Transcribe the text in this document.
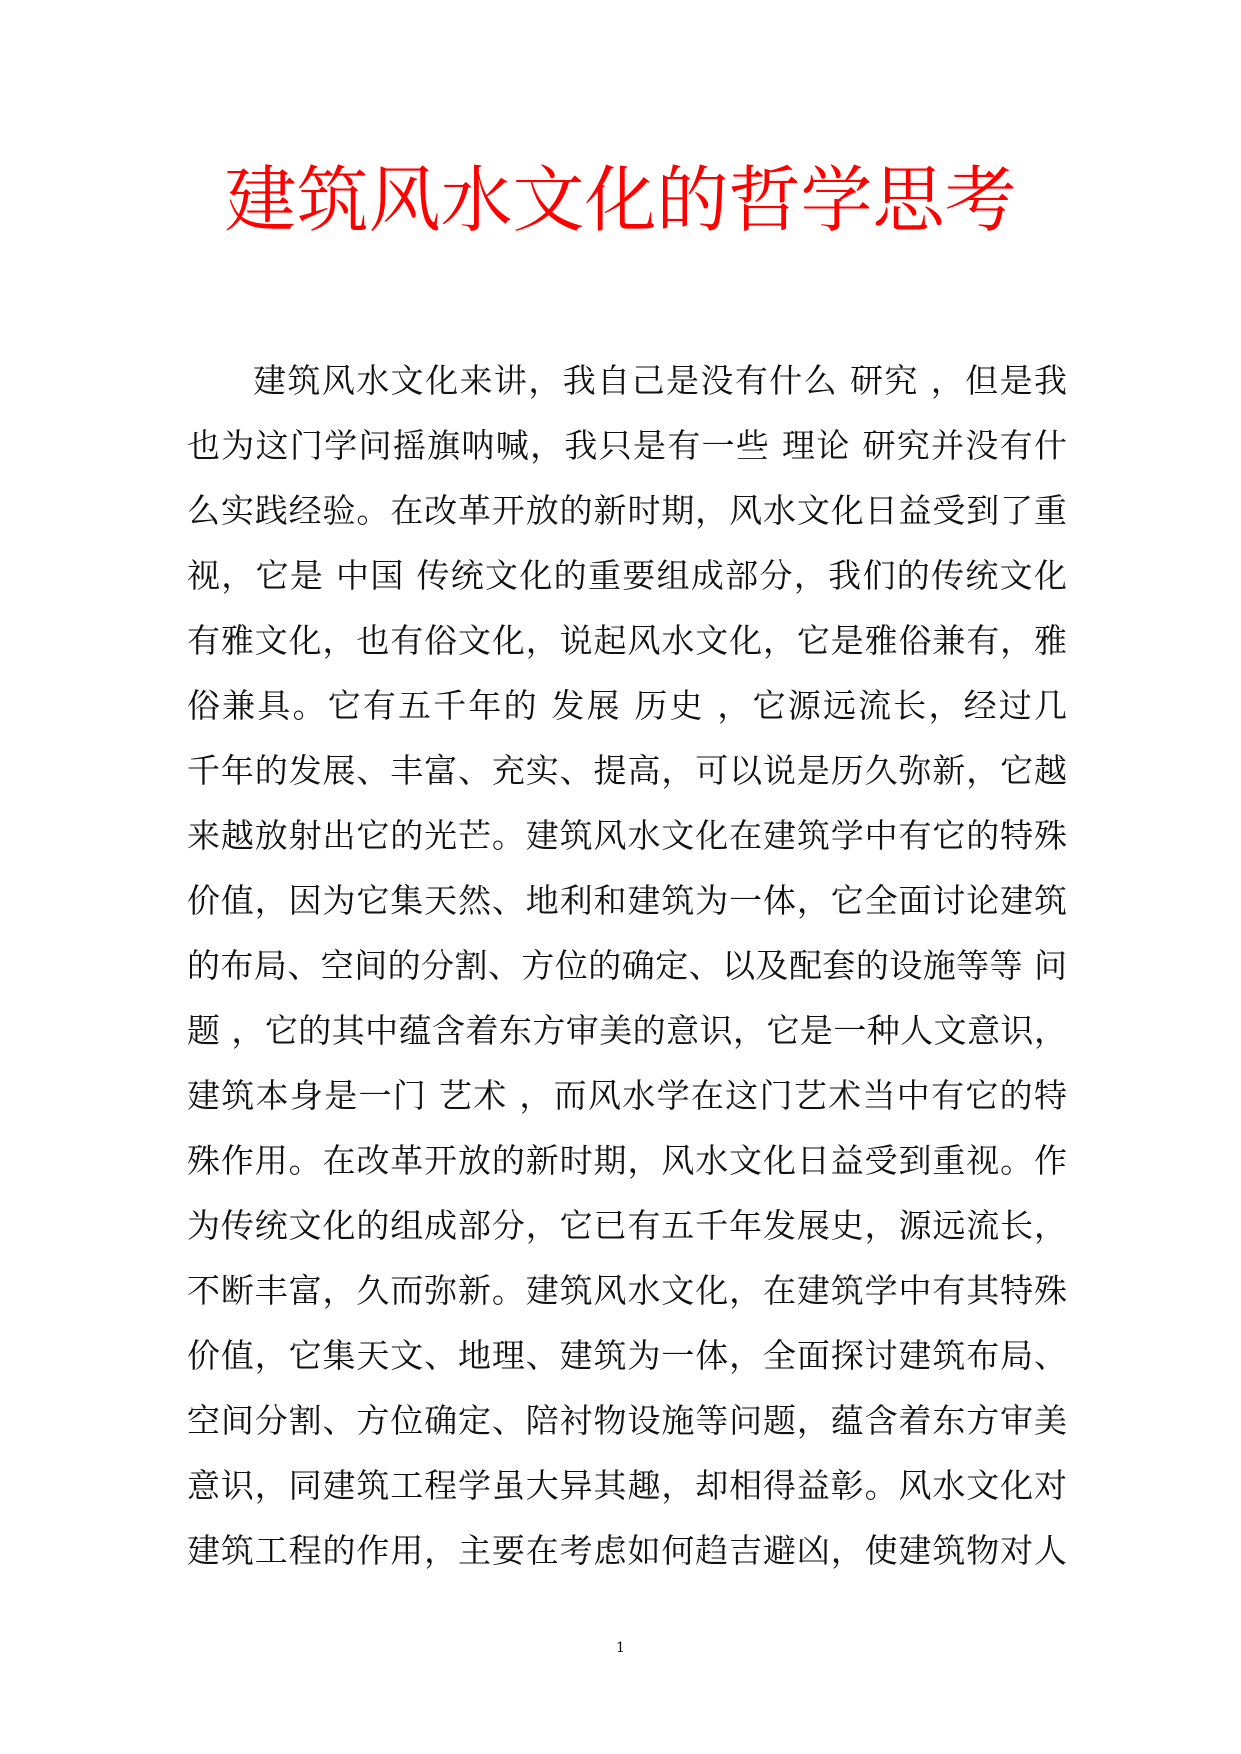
建筑风水文化的哲学思考
建筑风水文化来讲，我自己是没有什么 研究 ，但是我
也为这门学问摇旗呐喊，我只是有一些 理论 研究并没有什
么实践经验。在改革开放的新时期，风水文化日益受到了重
视，它是 中国 传统文化的重要组成部分，我们的传统文化
有雅文化，也有俗文化，说起风水文化，它是雅俗兼有，雅
俗兼具。它有五千年的 发展 历史 ，它源远流长，经过几
千年的发展、丰富、充实、提高，可以说是历久弥新，它越
来越放射出它的光芒。建筑风水文化在建筑学中有它的特殊
价值，因为它集天然、地利和建筑为一体，它全面讨论建筑
的布局、空间的分割、方位的确定、以及配套的设施等等 问
题 ，它的其中蕴含着东方审美的意识，它是一种人文意识，
建筑本身是一门 艺术 ，而风水学在这门艺术当中有它的特
殊作用。在改革开放的新时期，风水文化日益受到重视。作
为传统文化的组成部分，它已有五千年发展史，源远流长，
不断丰富，久而弥新。建筑风水文化，在建筑学中有其特殊
价值，它集天文、地理、建筑为一体，全面探讨建筑布局、
空间分割、方位确定、陪衬物设施等问题，蕴含着东方审美
意识，同建筑工程学虽大异其趣，却相得益彰。风水文化对
建筑工程的作用，主要在考虑如何趋吉避凶，使建筑物对人
1
